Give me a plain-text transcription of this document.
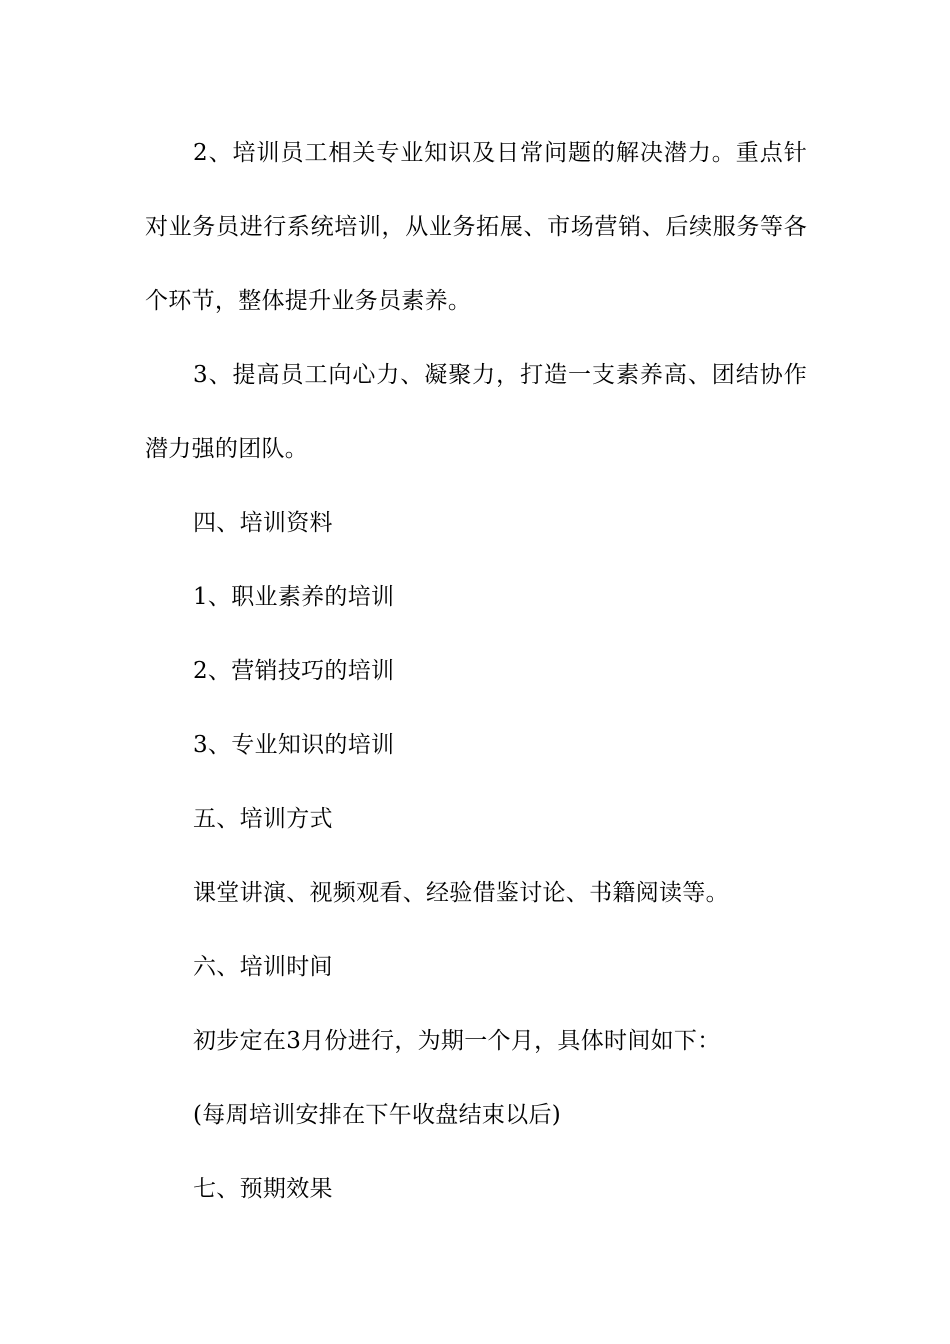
2、培训员工相关专业知识及日常问题的解决潜力。重点针对业务员进行系统培训，从业务拓展、市场营销、后续服务等各个环节，整体提升业务员素养。

3、提高员工向心力、凝聚力，打造一支素养高、团结协作潜力强的团队。

四、培训资料

1、职业素养的培训

2、营销技巧的培训

3、专业知识的培训

五、培训方式

课堂讲演、视频观看、经验借鉴讨论、书籍阅读等。

六、培训时间

初步定在3月份进行，为期一个月，具体时间如下：

(每周培训安排在下午收盘结束以后)

七、预期效果
